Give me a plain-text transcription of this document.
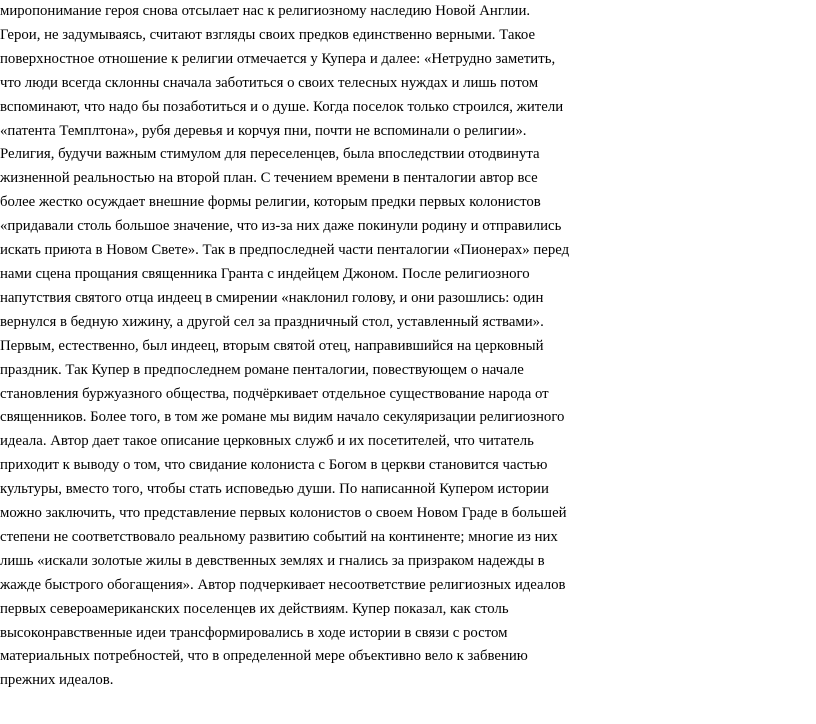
миропонимание героя снова отсылает нас к религиозному наследию Новой Англии.
Герои, не задумываясь, считают взгляды своих предков единственно верными. Такое
поверхностное отношение к религии отмечается у Купера и далее: «Нетрудно заметить,
что люди всегда склонны сначала заботиться о своих телесных нуждах и лишь потом
вспоминают, что надо бы позаботиться и о душе. Когда поселок только строился, жители
«патента Темплтона», рубя деревья и корчуя пни, почти не вспоминали о религии».
Религия, будучи важным стимулом для переселенцев, была впоследствии отодвинута
жизненной реальностью на второй план. С течением времени в пенталогии автор все
более жестко осуждает внешние формы религии, которым предки первых колонистов
«придавали столь большое значение, что из-за них даже покинули родину и отправились
искать приюта в Новом Свете». Так в предпоследней части пенталогии «Пионерах» перед
нами сцена прощания священника Гранта с индейцем Джоном. После религиозного
напутствия святого отца индеец в смирении «наклонил голову, и они разошлись: один
вернулся в бедную хижину, а другой сел за праздничный стол, уставленный яствами».
Первым, естественно, был индеец, вторым святой отец, направившийся на церковный
праздник. Так Купер в предпоследнем романе пенталогии, повествующем о начале
становления буржуазного общества, подчёркивает отдельное существование народа от
священников. Более того, в том же романе мы видим начало секуляризации религиозного
идеала. Автор дает такое описание церковных служб и их посетителей, что читатель
приходит к выводу о том, что свидание колониста с Богом в церкви становится частью
культуры, вместо того, чтобы стать исповедью души. По написанной Купером истории
можно заключить, что представление первых колонистов о своем Новом Граде в большей
степени не соответствовало реальному развитию событий на континенте; многие из них
лишь «искали золотые жилы в девственных землях и гнались за призраком надежды в
жажде быстрого обогащения». Автор подчеркивает несоответствие религиозных идеалов
первых североамериканских поселенцев их действиям. Купер показал, как столь
высоконравственные идеи трансформировались в ходе истории в связи с ростом
материальных потребностей, что в определенной мере объективно вело к забвению
прежних идеалов.
